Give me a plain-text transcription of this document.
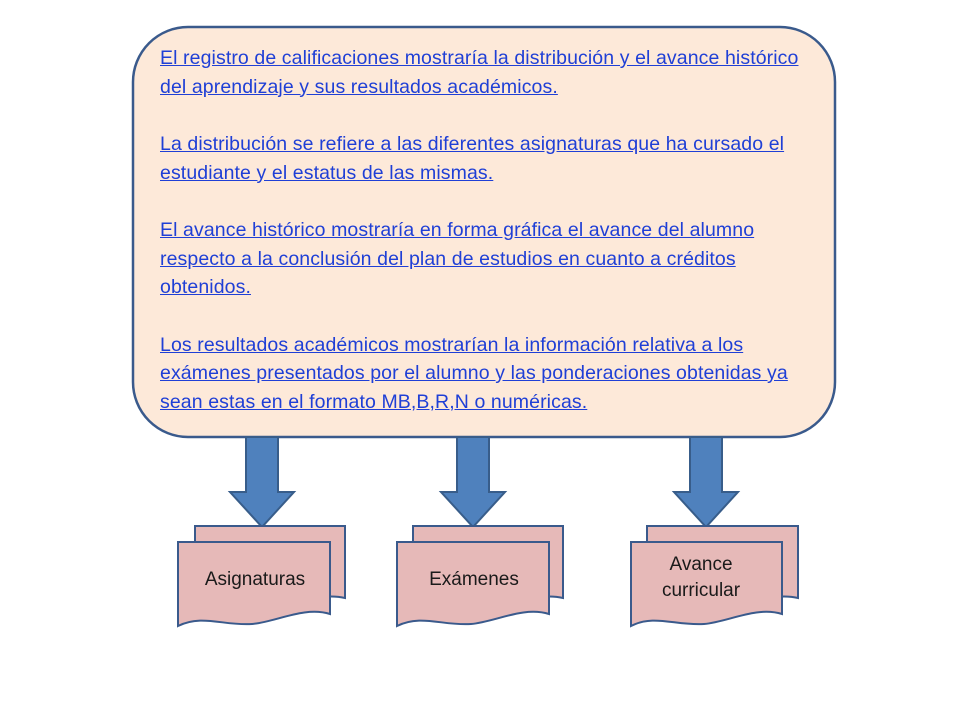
El registro de calificaciones mostraría la distribución y el avance histórico del aprendizaje y sus resultados académicos.
La distribución se refiere a las diferentes asignaturas que ha cursado el estudiante y el estatus de las mismas.
El avance histórico mostraría en forma gráfica el avance del alumno respecto a la conclusión del plan de estudios en cuanto a créditos obtenidos.
Los resultados académicos mostrarían la información relativa a los exámenes presentados por el alumno y las ponderaciones obtenidas ya sean estas en el formato MB,B,R,N o numéricas.
Asignaturas	Exámenes
Avance curricular
